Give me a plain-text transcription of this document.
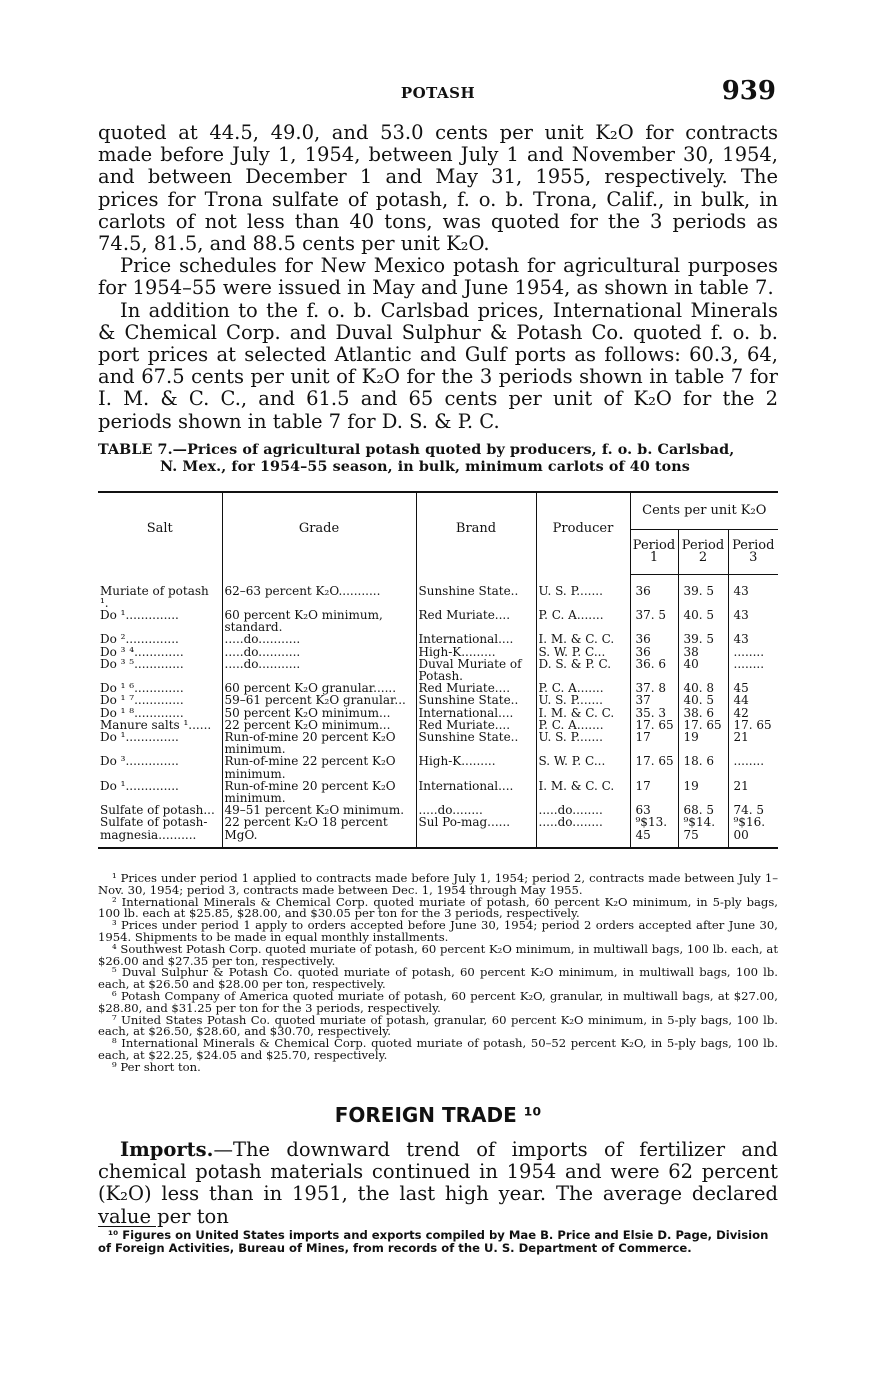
POTASH	939

quoted at 44.5, 49.0, and 53.0 cents per unit K₂O for contracts made before July 1, 1954, between July 1 and November 30, 1954, and between December 1 and May 31, 1955, respectively. The prices for Trona sulfate of potash, f. o. b. Trona, Calif., in bulk, in carlots of not less than 40 tons, was quoted for the 3 periods as 74.5, 81.5, and 88.5 cents per unit K₂O.

Price schedules for New Mexico potash for agricultural purposes for 1954–55 were issued in May and June 1954, as shown in table 7.

In addition to the f. o. b. Carlsbad prices, International Minerals & Chemical Corp. and Duval Sulphur & Potash Co. quoted f. o. b. port prices at selected Atlantic and Gulf ports as follows: 60.3, 64, and 67.5 cents per unit of K₂O for the 3 periods shown in table 7 for I. M. & C. C., and 61.5 and 65 cents per unit of K₂O for the 2 periods shown in table 7 for D. S. & P. C.

TABLE 7.—Prices of agricultural potash quoted by producers, f. o. b. Carlsbad,
N. Mex., for 1954–55 season, in bulk, minimum carlots of 40 tons
Salt	Grade	Brand	Producer	Cents per unit K₂O		
				Period 1	Period 2	Period 3
Muriate of potash ¹.	62–63 percent K₂O...........	Sunshine State..	U. S. P.......	36	39. 5	43
Do ¹..............	60 percent K₂O minimum, standard.	Red Muriate....	P. C. A.......	37. 5	40. 5	43
Do ²..............	.....do...........	International....	I. M. & C. C.	36	39. 5	43
Do ³ ⁴.............	.....do...........	High-K.........	S. W. P. C...	36	38	........
Do ³ ⁵.............	.....do...........	Duval Muriate of Potash.	D. S. & P. C.	36. 6	40	........
Do ¹ ⁶.............	60 percent K₂O granular......	Red Muriate....	P. C. A.......	37. 8	40. 8	45
Do ¹ ⁷.............	59–61 percent K₂O granular...	Sunshine State..	U. S. P.......	37	40. 5	44
Do ¹ ⁸.............	50 percent K₂O minimum...	International....	I. M. & C. C.	35. 3	38. 6	42
Manure salts ¹......	22 percent K₂O minimum...	Red Muriate....	P. C. A.......	17. 65	17. 65	17. 65
Do ¹..............	Run-of-mine 20 percent K₂O minimum.	Sunshine State..	U. S. P.......	17	19	21
Do ³..............	Run-of-mine 22 percent K₂O minimum.	High-K.........	S. W. P. C...	17. 65	18. 6	........
Do ¹..............	Run-of-mine 20 percent K₂O minimum.	International....	I. M. & C. C.	17	19	21
Sulfate of potash...	49–51 percent K₂O minimum.	.....do........	.....do........	63	68. 5	74. 5
Sulfate of potash-magnesia..........	22 percent K₂O 18 percent MgO.	Sul Po-mag......	.....do........	⁹$13. 45	⁹$14. 75	⁹$16. 00

¹ Prices under period 1 applied to contracts made before July 1, 1954; period 2, contracts made between July 1–Nov. 30, 1954; period 3, contracts made between Dec. 1, 1954 through May 1955.

² International Minerals & Chemical Corp. quoted muriate of potash, 60 percent K₂O minimum, in 5-ply bags, 100 lb. each at $25.85, $28.00, and $30.05 per ton for the 3 periods, respectively.

³ Prices under period 1 apply to orders accepted before June 30, 1954; period 2 orders accepted after June 30, 1954. Shipments to be made in equal monthly installments.

⁴ Southwest Potash Corp. quoted muriate of potash, 60 percent K₂O minimum, in multiwall bags, 100 lb. each, at $26.00 and $27.35 per ton, respectively.

⁵ Duval Sulphur & Potash Co. quoted muriate of potash, 60 percent K₂O minimum, in multiwall bags, 100 lb. each, at $26.50 and $28.00 per ton, respectively.

⁶ Potash Company of America quoted muriate of potash, 60 percent K₂O, granular, in multiwall bags, at $27.00, $28.80, and $31.25 per ton for the 3 periods, respectively.

⁷ United States Potash Co. quoted muriate of potash, granular, 60 percent K₂O minimum, in 5-ply bags, 100 lb. each, at $26.50, $28.60, and $30.70, respectively.

⁸ International Minerals & Chemical Corp. quoted muriate of potash, 50–52 percent K₂O, in 5-ply bags, 100 lb. each, at $22.25, $24.05 and $25.70, respectively.

⁹ Per short ton.

FOREIGN TRADE ¹⁰

Imports.—The downward trend of imports of fertilizer and chemical potash materials continued in 1954 and were 62 percent (K₂O) less than in 1951, the last high year. The average declared value per ton

¹⁰ Figures on United States imports and exports compiled by Mae B. Price and Elsie D. Page, Division of Foreign Activities, Bureau of Mines, from records of the U. S. Department of Commerce.
